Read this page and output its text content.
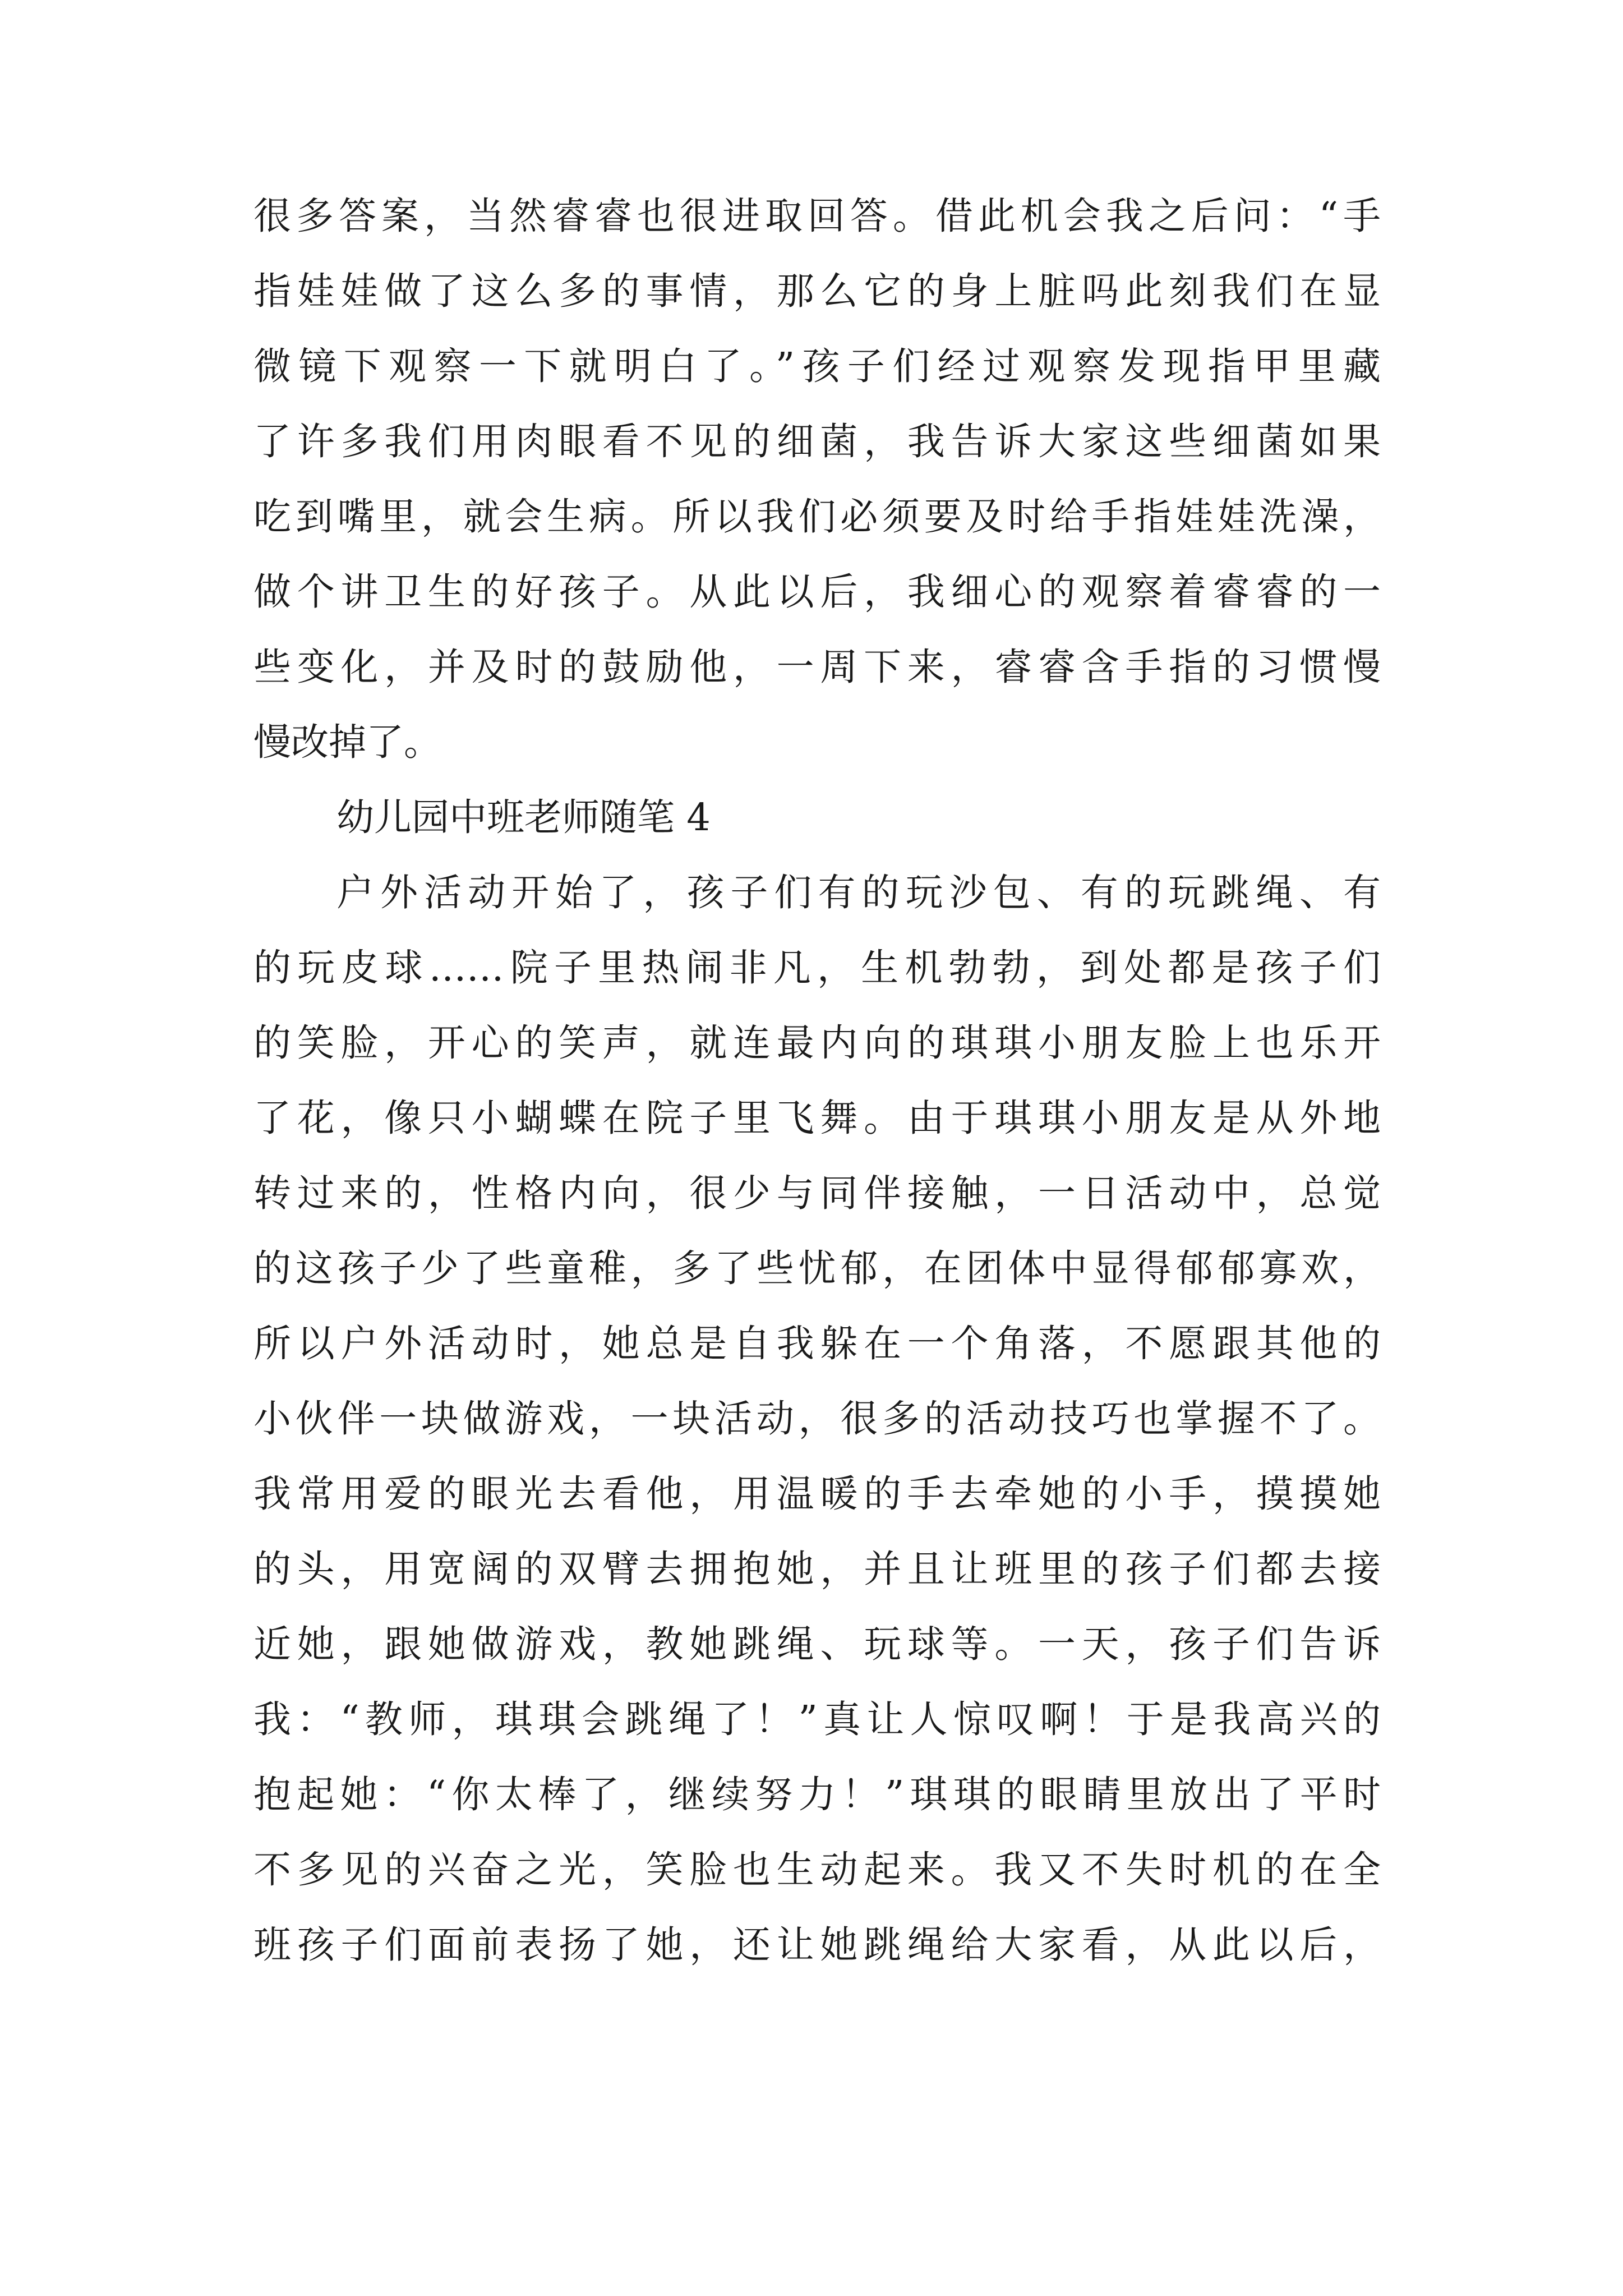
很多答案，当然睿睿也很进取回答。借此机会我之后问：“手
指娃娃做了这么多的事情，那么它的身上脏吗此刻我们在显
微镜下观察一下就明白了。”孩子们经过观察发现指甲里藏
了许多我们用肉眼看不见的细菌，我告诉大家这些细菌如果
吃到嘴里，就会生病。所以我们必须要及时给手指娃娃洗澡，
做个讲卫生的好孩子。从此以后，我细心的观察着睿睿的一
些变化，并及时的鼓励他，一周下来，睿睿含手指的习惯慢
慢改掉了。
幼儿园中班老师随笔 4
户外活动开始了，孩子们有的玩沙包、有的玩跳绳、有
的玩皮球……院子里热闹非凡，生机勃勃，到处都是孩子们
的笑脸，开心的笑声，就连最内向的琪琪小朋友脸上也乐开
了花，像只小蝴蝶在院子里飞舞。由于琪琪小朋友是从外地
转过来的，性格内向，很少与同伴接触，一日活动中，总觉
的这孩子少了些童稚，多了些忧郁，在团体中显得郁郁寡欢，
所以户外活动时，她总是自我躲在一个角落，不愿跟其他的
小伙伴一块做游戏，一块活动，很多的活动技巧也掌握不了。
我常用爱的眼光去看他，用温暖的手去牵她的小手，摸摸她
的头，用宽阔的双臂去拥抱她，并且让班里的孩子们都去接
近她，跟她做游戏，教她跳绳、玩球等。一天，孩子们告诉
我：“教师，琪琪会跳绳了！”真让人惊叹啊！于是我高兴的
抱起她：“你太棒了，继续努力！”琪琪的眼睛里放出了平时
不多见的兴奋之光，笑脸也生动起来。我又不失时机的在全
班孩子们面前表扬了她，还让她跳绳给大家看，从此以后，
